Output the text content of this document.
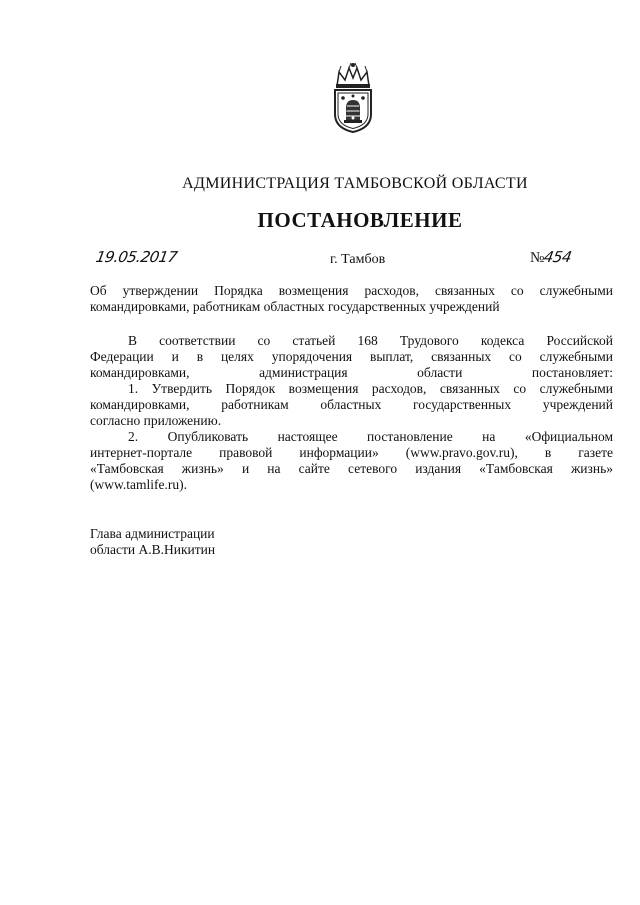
АДМИНИСТРАЦИЯ ТАМБОВСКОЙ ОБЛАСТИ
ПОСТАНОВЛЕНИЕ
19.05.2017	г. Тамбов	№454
Об утверждении Порядка возмещения расходов, связанных со служебными
командировками, работникам областных государственных учреждений
В соответствии со статьей 168 Трудового кодекса Российской
Федерации и в целях упорядочения выплат, связанных со служебными
командировками, администрация области постановляет:
1. Утвердить Порядок возмещения расходов, связанных со служебными
командировками, работникам областных государственных учреждений
согласно приложению.
2. Опубликовать настоящее постановление на «Официальном
интернет-портале правовой информации» (www.pravo.gov.ru), в газете
«Тамбовская жизнь» и на сайте сетевого издания «Тамбовская жизнь»
(www.tamlife.ru).
Глава администрации
области А.В.Никитин
